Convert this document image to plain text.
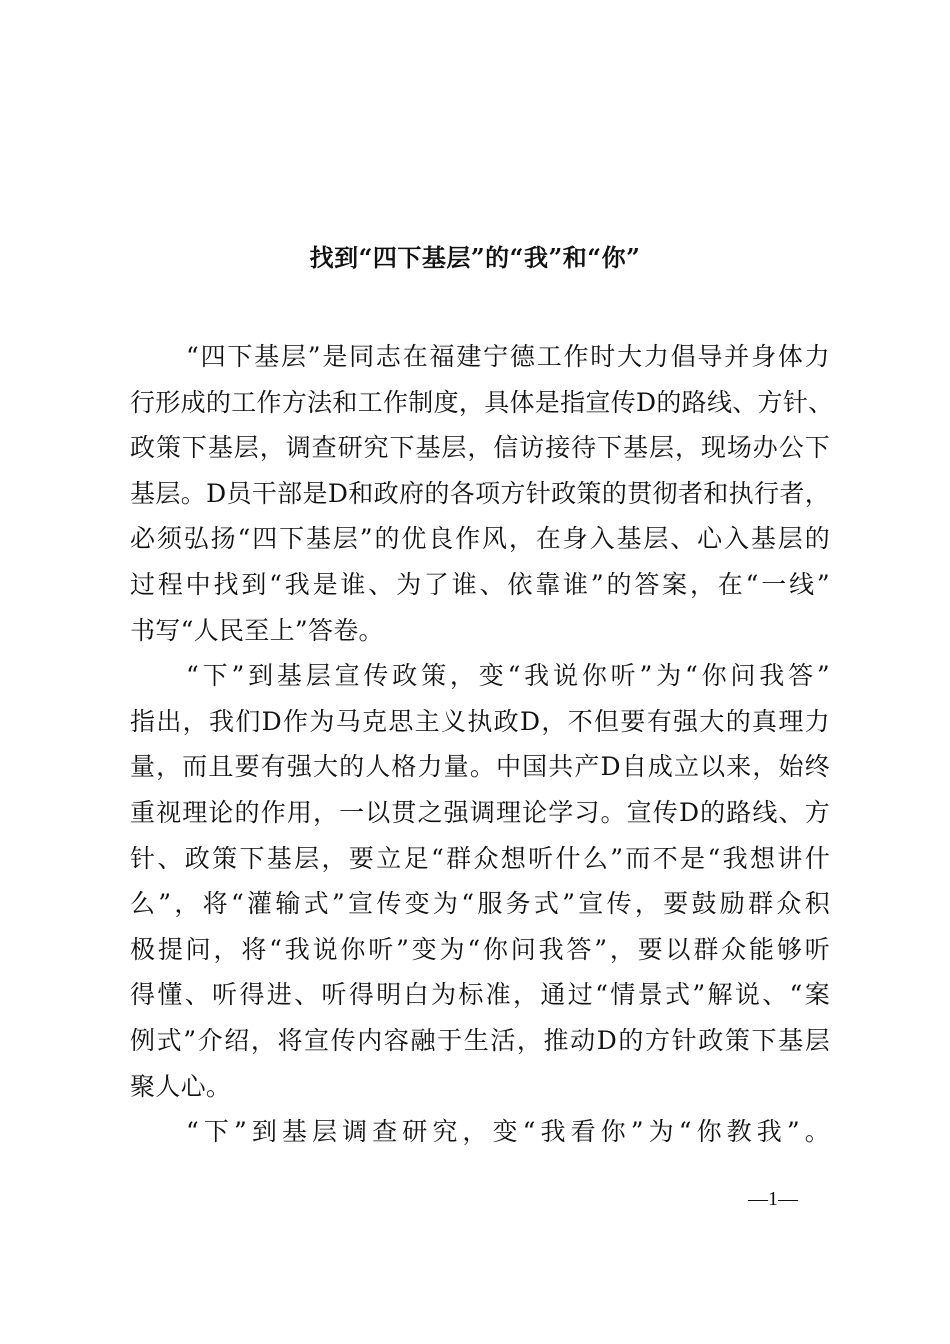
找到“四下基层”的“我”和“你”
“四下基层”是同志在福建宁德工作时大力倡导并身体力
行形成的工作方法和工作制度，具体是指宣传D的路线、方针、
政策下基层，调查研究下基层，信访接待下基层，现场办公下
基层。D员干部是D和政府的各项方针政策的贯彻者和执行者，
必须弘扬“四下基层”的优良作风，在身入基层、心入基层的
过程中找到“我是谁、为了谁、依靠谁”的答案，在“一线”
书写“人民至上”答卷。
“下”到基层宣传政策，变“我说你听”为“你问我答”
指出，我们D作为马克思主义执政D，不但要有强大的真理力
量，而且要有强大的人格力量。中国共产D自成立以来，始终
重视理论的作用，一以贯之强调理论学习。宣传D的路线、方
针、政策下基层，要立足“群众想听什么”而不是“我想讲什
么”，将“灌输式”宣传变为“服务式”宣传，要鼓励群众积
极提问，将“我说你听”变为“你问我答”，要以群众能够听
得懂、听得进、听得明白为标准，通过“情景式”解说、“案
例式”介绍，将宣传内容融于生活，推动D的方针政策下基层
聚人心。
“下”到基层调查研究，变“我看你”为“你教我”。
—1—
